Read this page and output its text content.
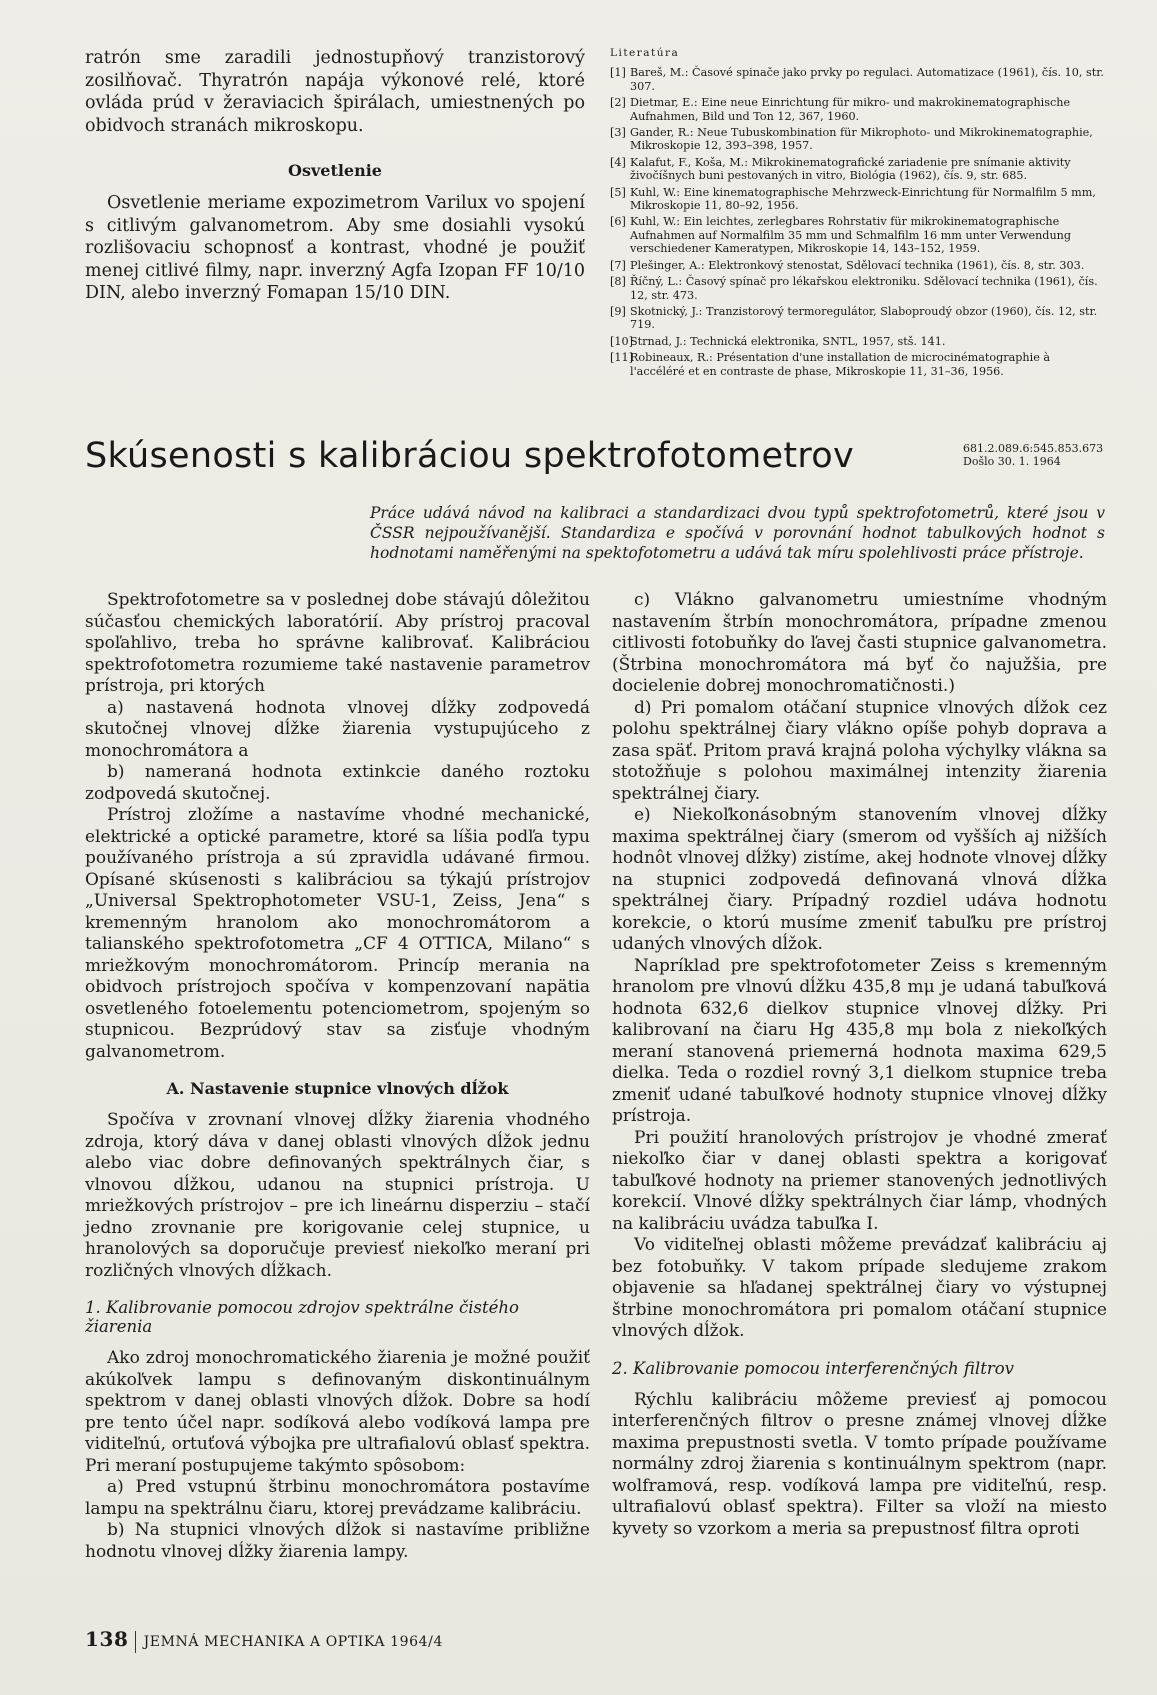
ratrón sme zaradili jednostupňový tranzistorový zosilňovač. Thyratrón napája výkonové relé, ktoré ovláda prúd v žeraviacich špirálach, umiestnených po obidvoch stranách mikroskopu.

Osvetlenie

Osvetlenie meriame expozimetrom Varilux vo spojení s citlivým galvanometrom. Aby sme dosiahli vysokú rozlišovaciu schopnosť a kontrast, vhodné je použiť menej citlivé filmy, napr. inverzný Agfa Izopan FF 10/10 DIN, alebo inverzný Fomapan 15/10 DIN.

Literatúra
[1] Bareš, M.: Časové spinače jako prvky po regulaci. Automatizace (1961), čís. 10, str. 307.
[2] Dietmar, E.: Eine neue Einrichtung für mikro- und makrokinematographische Aufnahmen, Bild und Ton 12, 367, 1960.
[3] Gander, R.: Neue Tubuskombination für Mikrophoto- und Mikrokinematographie, Mikroskopie 12, 393–398, 1957.
[4] Kalafut, F., Koša, M.: Mikrokinematografické zariadenie pre snímanie aktivity živočíšnych buni pestovaných in vitro, Biológia (1962), čís. 9, str. 685.
[5] Kuhl, W.: Eine kinematographische Mehrzweck-Einrichtung für Normalfilm 5 mm, Mikroskopie 11, 80–92, 1956.
[6] Kuhl, W.: Ein leichtes, zerlegbares Rohrstativ für mikrokinematographische Aufnahmen auf Normalfilm 35 mm und Schmalfilm 16 mm unter Verwendung verschiedener Kameratypen, Mikroskopie 14, 143–152, 1959.
[7] Plešinger, A.: Elektronkový stenostat, Sdělovací technika (1961), čís. 8, str. 303.
[8] Říčný, L.: Časový spínač pro lékařskou elektroniku. Sdělovací technika (1961), čís. 12, str. 473.
[9] Skotnický, J.: Tranzistorový termoregulátor, Slaboproudý obzor (1960), čís. 12, str. 719.
[10]
Strnad, J.: Technická elektronika, SNTL, 1957, stš. 141.
[11]
Robineaux, R.: Présentation d'une installation de microcinématographie à l'accéléré et en contraste de phase, Mikroskopie 11, 31–36, 1956.
Skúsenosti s kalibráciou spektrofotometrov	681.2.089.6:545.853.673
Došlo 30. 1. 1964
Práce udává návod na kalibraci a standardizaci dvou typů spektrofotometrů, které jsou v ČSSR nejpoužívanější. Standardiza e spočívá v porovnání hodnot tabulkových hodnot s hodnotami naměřenými na spektofotometru a udává tak míru spolehlivosti práce přístroje.

Spektrofotometre sa v poslednej dobe stávajú dôležitou súčasťou chemických laboratórií. Aby prístroj pracoval spoľahlivo, treba ho správne kalibrovať. Kalibráciou spektrofotometra rozumieme také nastavenie parametrov prístroja, pri ktorých

a) nastavená hodnota vlnovej dĺžky zodpovedá skutočnej vlnovej dĺžke žiarenia vystupujúceho z monochromátora a

b) nameraná hodnota extinkcie daného roztoku zodpovedá skutočnej.

Prístroj zložíme a nastavíme vhodné mechanické, elektrické a optické parametre, ktoré sa líšia podľa typu používaného prístroja a sú zpravidla udávané firmou. Opísané skúsenosti s kalibráciou sa týkajú prístrojov „Universal Spektrophotometer VSU-1, Zeiss, Jena“ s kremenným hranolom ako monochromátorom a talianského spektrofotometra „CF 4 OTTICA, Milano“ s mriežkovým monochromátorom. Princíp merania na obidvoch prístrojoch spočíva v kompenzovaní napätia osvetleného fotoelementu potenciometrom, spojeným so stupnicou. Bezprúdový stav sa zisťuje vhodným galvanometrom.

A. Nastavenie stupnice vlnových dĺžok

Spočíva v zrovnaní vlnovej dĺžky žiarenia vhodného zdroja, ktorý dáva v danej oblasti vlnových dĺžok jednu alebo viac dobre definovaných spektrálnych čiar, s vlnovou dĺžkou, udanou na stupnici prístroja. U mriežkových prístrojov – pre ich lineárnu disperziu – stačí jedno zrovnanie pre korigovanie celej stupnice, u hranolových sa doporučuje previesť niekoľko meraní pri rozličných vlnových dĺžkach.

1. Kalibrovanie pomocou zdrojov spektrálne čistého žiarenia

Ako zdroj monochromatického žiarenia je možné použiť akúkoľvek lampu s definovaným diskontinuálnym spektrom v danej oblasti vlnových dĺžok. Dobre sa hodí pre tento účel napr. sodíková alebo vodíková lampa pre viditeľnú, ortuťová výbojka pre ultrafialovú oblasť spektra. Pri meraní postupujeme takýmto spôsobom:

a) Pred vstupnú štrbinu monochromátora postavíme lampu na spektrálnu čiaru, ktorej prevádzame kalibráciu.

b) Na stupnici vlnových dĺžok si nastavíme približne hodnotu vlnovej dĺžky žiarenia lampy.

c) Vlákno galvanometru umiestníme vhodným nastavením štrbín monochromátora, prípadne zmenou citlivosti fotobuňky do ľavej časti stupnice galvanometra. (Štrbina monochromátora má byť čo najužšia, pre docielenie dobrej monochromatičnosti.)

d) Pri pomalom otáčaní stupnice vlnových dĺžok cez polohu spektrálnej čiary vlákno opíše pohyb doprava a zasa späť. Pritom pravá krajná poloha výchylky vlákna sa stotožňuje s polohou maximálnej intenzity žiarenia spektrálnej čiary.

e) Niekoľkonásobným stanovením vlnovej dĺžky maxima spektrálnej čiary (smerom od vyšších aj nižších hodnôt vlnovej dĺžky) zistíme, akej hodnote vlnovej dĺžky na stupnici zodpovedá definovaná vlnová dĺžka spektrálnej čiary. Prípadný rozdiel udáva hodnotu korekcie, o ktorú musíme zmeniť tabuľku pre prístroj udaných vlnových dĺžok.

Napríklad pre spektrofotometer Zeiss s kremenným hranolom pre vlnovú dĺžku 435,8 mμ je udaná tabuľková hodnota 632,6 dielkov stupnice vlnovej dĺžky. Pri kalibrovaní na čiaru Hg 435,8 mμ bola z niekoľkých meraní stanovená priemerná hodnota maxima 629,5 dielka. Teda o rozdiel rovný 3,1 dielkom stupnice treba zmeniť udané tabuľkové hodnoty stupnice vlnovej dĺžky prístroja.

Pri použití hranolových prístrojov je vhodné zmerať niekoľko čiar v danej oblasti spektra a korigovať tabuľkové hodnoty na priemer stanovených jednotlivých korekcií. Vlnové dĺžky spektrálnych čiar lámp, vhodných na kalibráciu uvádza tabuľka I.

Vo viditeľnej oblasti môžeme prevádzať kalibráciu aj bez fotobuňky. V takom prípade sledujeme zrakom objavenie sa hľadanej spektrálnej čiary vo výstupnej štrbine monochromátora pri pomalom otáčaní stupnice vlnových dĺžok.

2. Kalibrovanie pomocou interferenčných filtrov

Rýchlu kalibráciu môžeme previesť aj pomocou interferenčných filtrov o presne známej vlnovej dĺžke maxima prepustnosti svetla. V tomto prípade používame normálny zdroj žiarenia s kontinuálnym spektrom (napr. wolframová, resp. vodíková lampa pre viditeľnú, resp. ultrafialovú oblasť spektra). Filter sa vloží na miesto kyvety so vzorkom a meria sa prepustnosť filtra oproti

138 JEMNÁ MECHANIKA A OPTIKA 1964/4
